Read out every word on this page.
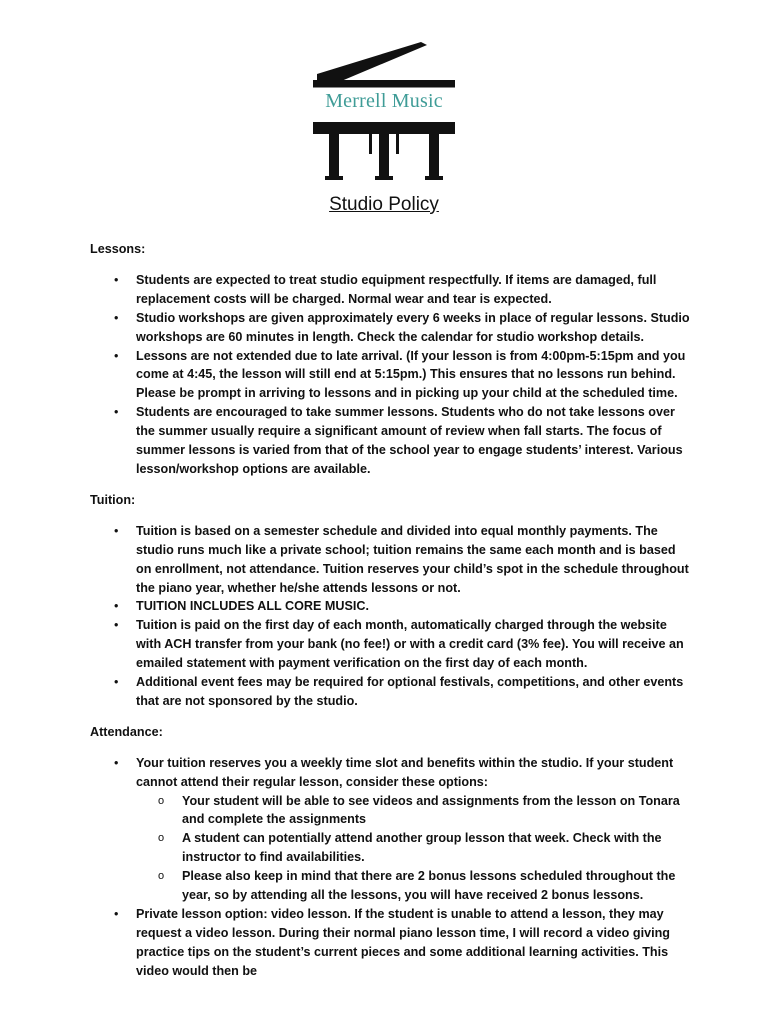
Merrell Music
Studio Policy
Lessons:
• Students are expected to treat studio equipment respectfully. If items are damaged, full replacement costs will be charged. Normal wear and tear is expected.
• Studio workshops are given approximately every 6 weeks in place of regular lessons. Studio workshops are 60 minutes in length. Check the calendar for studio workshop details.
• Lessons are not extended due to late arrival. (If your lesson is from 4:00pm-5:15pm and you come at 4:45, the lesson will still end at 5:15pm.) This ensures that no lessons run behind. Please be prompt in arriving to lessons and in picking up your child at the scheduled time.
• Students are encouraged to take summer lessons. Students who do not take lessons over the summer usually require a significant amount of review when fall starts. The focus of summer lessons is varied from that of the school year to engage students’ interest. Various lesson/workshop options are available.
Tuition:
• Tuition is based on a semester schedule and divided into equal monthly payments. The studio runs much like a private school; tuition remains the same each month and is based on enrollment, not attendance. Tuition reserves your child’s spot in the schedule throughout the piano year, whether he/she attends lessons or not.
• TUITION INCLUDES ALL CORE MUSIC.
• Tuition is paid on the first day of each month, automatically charged through the website with ACH transfer from your bank (no fee!) or with a credit card (3% fee). You will receive an emailed statement with payment verification on the first day of each month.
• Additional event fees may be required for optional festivals, competitions, and other events that are not sponsored by the studio.
Attendance:
• Your tuition reserves you a weekly time slot and benefits within the studio. If your student cannot attend their regular lesson, consider these options:
o Your student will be able to see videos and assignments from the lesson on Tonara and complete the assignments
o A student can potentially attend another group lesson that week. Check with the instructor to find availabilities.
o Please also keep in mind that there are 2 bonus lessons scheduled throughout the year, so by attending all the lessons, you will have received 2 bonus lessons.
• Private lesson option: video lesson. If the student is unable to attend a lesson, they may request a video lesson. During their normal piano lesson time, I will record a video giving practice tips on the student’s current pieces and some additional learning activities. This video would then be
